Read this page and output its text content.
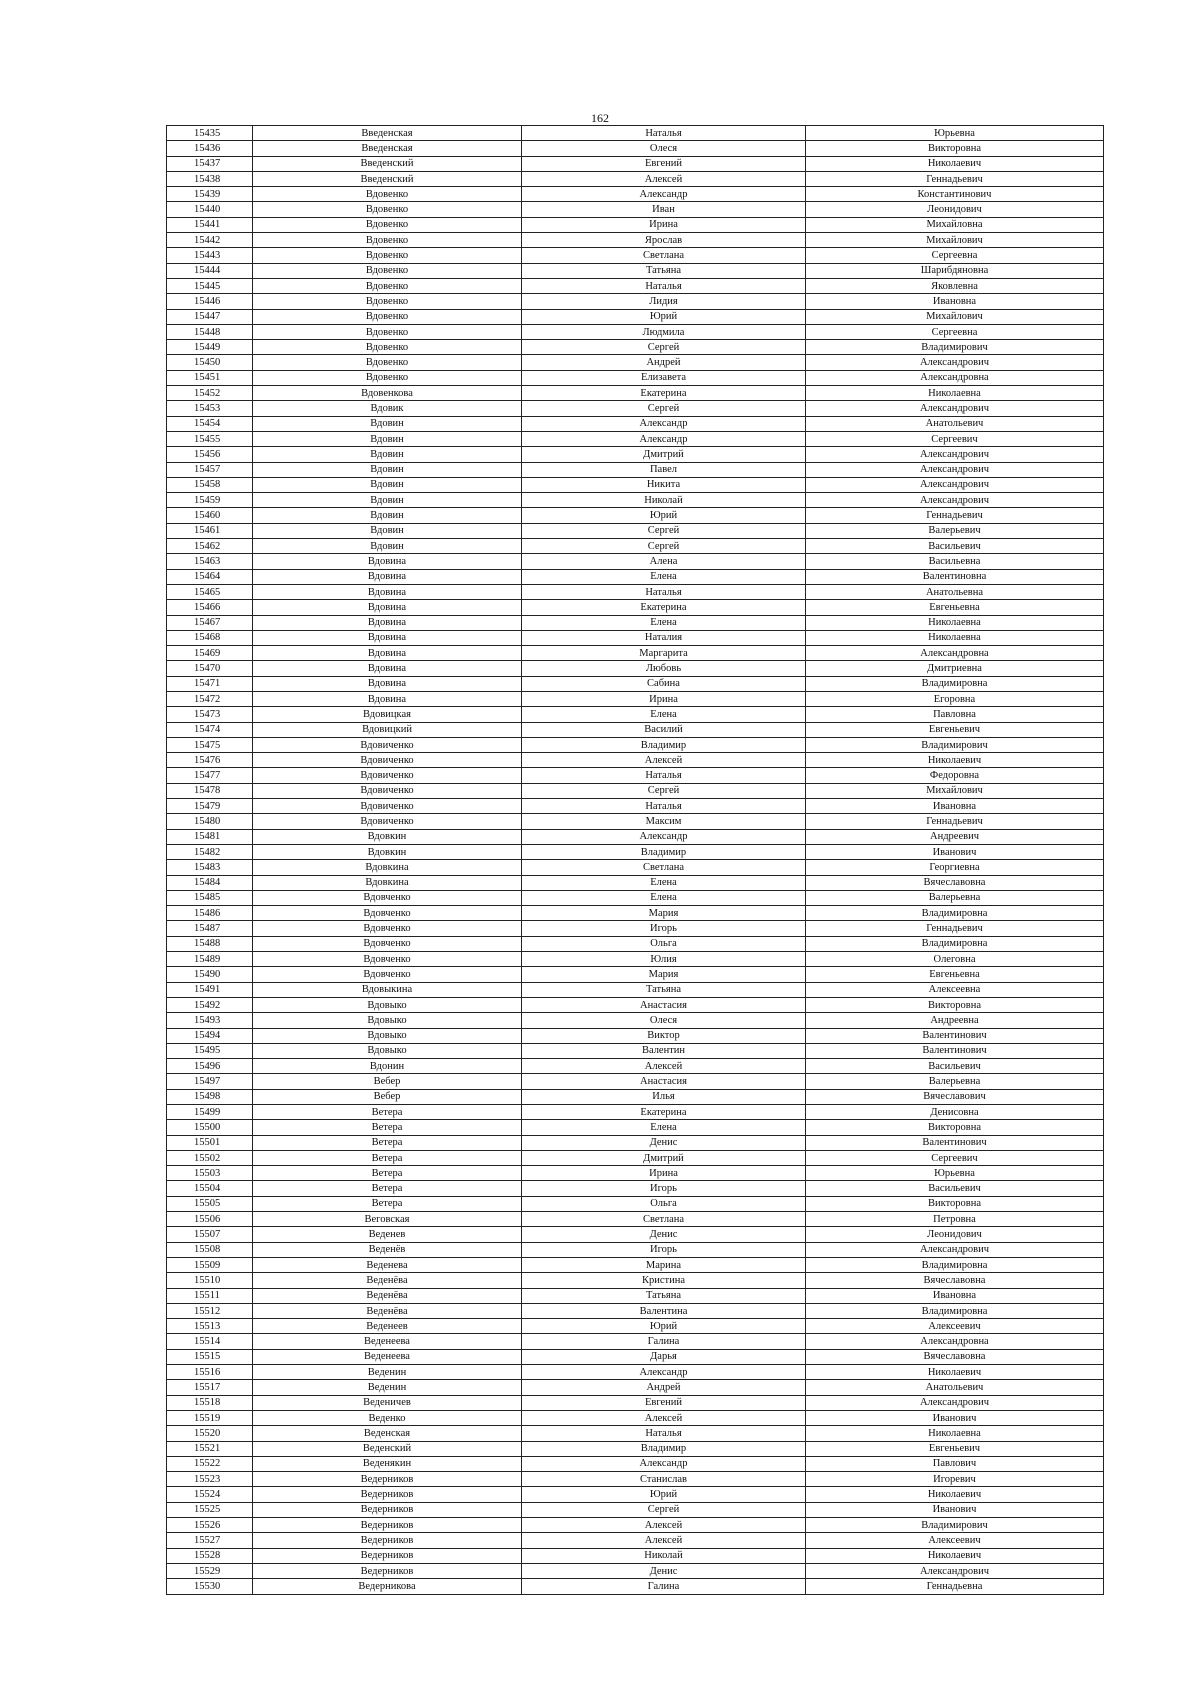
162
15435	Введенская	Наталья	Юрьевна
15436	Введенская	Олеся	Викторовна
15437	Введенский	Евгений	Николаевич
15438	Введенский	Алексей	Геннадьевич
15439	Вдовенко	Александр	Константинович
15440	Вдовенко	Иван	Леонидович
15441	Вдовенко	Ирина	Михайловна
15442	Вдовенко	Ярослав	Михайлович
15443	Вдовенко	Светлана	Сергеевна
15444	Вдовенко	Татьяна	Шарибдяновна
15445	Вдовенко	Наталья	Яковлевна
15446	Вдовенко	Лидия	Ивановна
15447	Вдовенко	Юрий	Михайлович
15448	Вдовенко	Людмила	Сергеевна
15449	Вдовенко	Сергей	Владимирович
15450	Вдовенко	Андрей	Александрович
15451	Вдовенко	Елизавета	Александровна
15452	Вдовенкова	Екатерина	Николаевна
15453	Вдовик	Сергей	Александрович
15454	Вдовин	Александр	Анатольевич
15455	Вдовин	Александр	Сергеевич
15456	Вдовин	Дмитрий	Александрович
15457	Вдовин	Павел	Александрович
15458	Вдовин	Никита	Александрович
15459	Вдовин	Николай	Александрович
15460	Вдовин	Юрий	Геннадьевич
15461	Вдовин	Сергей	Валерьевич
15462	Вдовин	Сергей	Васильевич
15463	Вдовина	Алена	Васильевна
15464	Вдовина	Елена	Валентиновна
15465	Вдовина	Наталья	Анатольевна
15466	Вдовина	Екатерина	Евгеньевна
15467	Вдовина	Елена	Николаевна
15468	Вдовина	Наталия	Николаевна
15469	Вдовина	Маргарита	Александровна
15470	Вдовина	Любовь	Дмитриевна
15471	Вдовина	Сабина	Владимировна
15472	Вдовина	Ирина	Егоровна
15473	Вдовицкая	Елена	Павловна
15474	Вдовицкий	Василий	Евгеньевич
15475	Вдовиченко	Владимир	Владимирович
15476	Вдовиченко	Алексей	Николаевич
15477	Вдовиченко	Наталья	Федоровна
15478	Вдовиченко	Сергей	Михайлович
15479	Вдовиченко	Наталья	Ивановна
15480	Вдовиченко	Максим	Геннадьевич
15481	Вдовкин	Александр	Андреевич
15482	Вдовкин	Владимир	Иванович
15483	Вдовкина	Светлана	Георгиевна
15484	Вдовкина	Елена	Вячеславовна
15485	Вдовченко	Елена	Валерьевна
15486	Вдовченко	Мария	Владимировна
15487	Вдовченко	Игорь	Геннадьевич
15488	Вдовченко	Ольга	Владимировна
15489	Вдовченко	Юлия	Олеговна
15490	Вдовченко	Мария	Евгеньевна
15491	Вдовыкина	Татьяна	Алексеевна
15492	Вдовыко	Анастасия	Викторовна
15493	Вдовыко	Олеся	Андреевна
15494	Вдовыко	Виктор	Валентинович
15495	Вдовыко	Валентин	Валентинович
15496	Вдонин	Алексей	Васильевич
15497	Вебер	Анастасия	Валерьевна
15498	Вебер	Илья	Вячеславович
15499	Ветера	Екатерина	Денисовна
15500	Ветера	Елена	Викторовна
15501	Ветера	Денис	Валентинович
15502	Ветера	Дмитрий	Сергеевич
15503	Ветера	Ирина	Юрьевна
15504	Ветера	Игорь	Васильевич
15505	Ветера	Ольга	Викторовна
15506	Веговская	Светлана	Петровна
15507	Веденев	Денис	Леонидович
15508	Веденёв	Игорь	Александрович
15509	Веденева	Марина	Владимировна
15510	Веденёва	Кристина	Вячеславовна
15511	Веденёва	Татьяна	Ивановна
15512	Веденёва	Валентина	Владимировна
15513	Веденеев	Юрий	Алексеевич
15514	Веденеева	Галина	Александровна
15515	Веденеева	Дарья	Вячеславовна
15516	Веденин	Александр	Николаевич
15517	Веденин	Андрей	Анатольевич
15518	Веденичев	Евгений	Александрович
15519	Веденко	Алексей	Иванович
15520	Веденская	Наталья	Николаевна
15521	Веденский	Владимир	Евгеньевич
15522	Веденякин	Александр	Павлович
15523	Ведерников	Станислав	Игоревич
15524	Ведерников	Юрий	Николаевич
15525	Ведерников	Сергей	Иванович
15526	Ведерников	Алексей	Владимирович
15527	Ведерников	Алексей	Алексеевич
15528	Ведерников	Николай	Николаевич
15529	Ведерников	Денис	Александрович
15530	Ведерникова	Галина	Геннадьевна
